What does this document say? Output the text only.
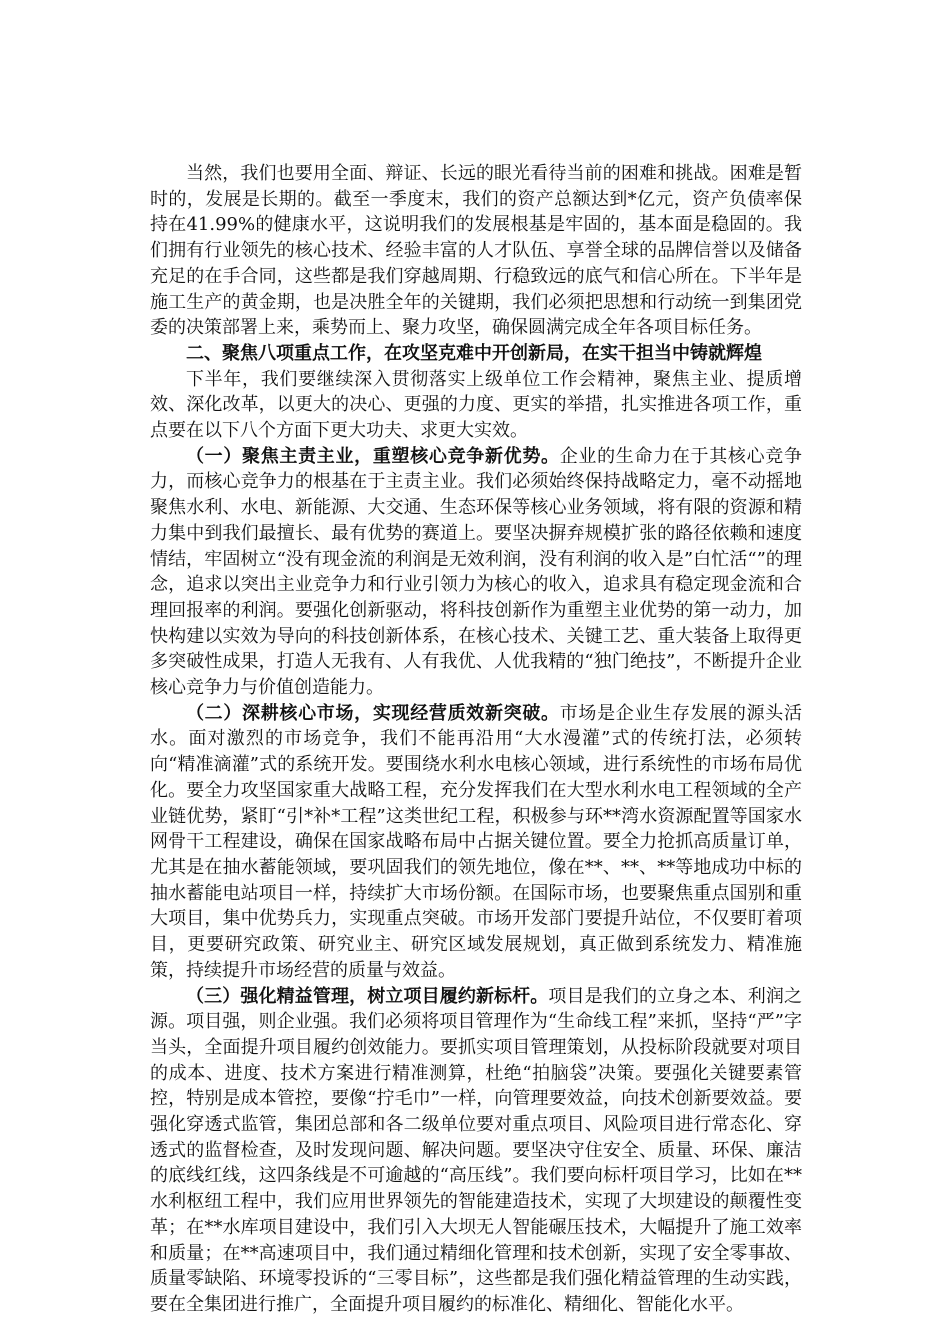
当然，我们也要用全面、辩证、长远的眼光看待当前的困难和挑战。困难是暂时的，发展是长期的。截至一季度末，我们的资产总额达到*亿元，资产负债率保持在41.99%的健康水平，这说明我们的发展根基是牢固的，基本面是稳固的。我们拥有行业领先的核心技术、经验丰富的人才队伍、享誉全球的品牌信誉以及储备充足的在手合同，这些都是我们穿越周期、行稳致远的底气和信心所在。下半年是施工生产的黄金期，也是决胜全年的关键期，我们必须把思想和行动统一到集团党委的决策部署上来，乘势而上、聚力攻坚，确保圆满完成全年各项目标任务。

二、聚焦八项重点工作，在攻坚克难中开创新局，在实干担当中铸就辉煌

下半年，我们要继续深入贯彻落实上级单位工作会精神，聚焦主业、提质增效、深化改革，以更大的决心、更强的力度、更实的举措，扎实推进各项工作，重点要在以下八个方面下更大功夫、求更大实效。

（一）聚焦主责主业，重塑核心竞争新优势。企业的生命力在于其核心竞争力，而核心竞争力的根基在于主责主业。我们必须始终保持战略定力，毫不动摇地聚焦水利、水电、新能源、大交通、生态环保等核心业务领域，将有限的资源和精力集中到我们最擅长、最有优势的赛道上。要坚决摒弃规模扩张的路径依赖和速度情结，牢固树立“没有现金流的利润是无效利润，没有利润的收入是”白忙活“”的理念，追求以突出主业竞争力和行业引领力为核心的收入，追求具有稳定现金流和合理回报率的利润。要强化创新驱动，将科技创新作为重塑主业优势的第一动力，加快构建以实效为导向的科技创新体系，在核心技术、关键工艺、重大装备上取得更多突破性成果，打造人无我有、人有我优、人优我精的“独门绝技”，不断提升企业核心竞争力与价值创造能力。

（二）深耕核心市场，实现经营质效新突破。市场是企业生存发展的源头活水。面对激烈的市场竞争，我们不能再沿用“大水漫灌”式的传统打法，必须转向“精准滴灌”式的系统开发。要围绕水利水电核心领域，进行系统性的市场布局优化。要全力攻坚国家重大战略工程，充分发挥我们在大型水利水电工程领域的全产业链优势，紧盯“引*补*工程”这类世纪工程，积极参与环**湾水资源配置等国家水网骨干工程建设，确保在国家战略布局中占据关键位置。要全力抢抓高质量订单，尤其是在抽水蓄能领域，要巩固我们的领先地位，像在**、**、**等地成功中标的抽水蓄能电站项目一样，持续扩大市场份额。在国际市场，也要聚焦重点国别和重大项目，集中优势兵力，实现重点突破。市场开发部门要提升站位，不仅要盯着项目，更要研究政策、研究业主、研究区域发展规划，真正做到系统发力、精准施策，持续提升市场经营的质量与效益。

（三）强化精益管理，树立项目履约新标杆。项目是我们的立身之本、利润之源。项目强，则企业强。我们必须将项目管理作为“生命线工程”来抓，坚持“严”字当头，全面提升项目履约创效能力。要抓实项目管理策划，从投标阶段就要对项目的成本、进度、技术方案进行精准测算，杜绝“拍脑袋”决策。要强化关键要素管控，特别是成本管控，要像“拧毛巾”一样，向管理要效益，向技术创新要效益。要强化穿透式监管，集团总部和各二级单位要对重点项目、风险项目进行常态化、穿透式的监督检查，及时发现问题、解决问题。要坚决守住安全、质量、环保、廉洁的底线红线，这四条线是不可逾越的“高压线”。我们要向标杆项目学习，比如在**水利枢纽工程中，我们应用世界领先的智能建造技术，实现了大坝建设的颠覆性变革；在**水库项目建设中，我们引入大坝无人智能碾压技术，大幅提升了施工效率和质量；在**高速项目中，我们通过精细化管理和技术创新，实现了安全零事故、质量零缺陷、环境零投诉的“三零目标”，这些都是我们强化精益管理的生动实践，要在全集团进行推广，全面提升项目履约的标准化、精细化、智能化水平。
